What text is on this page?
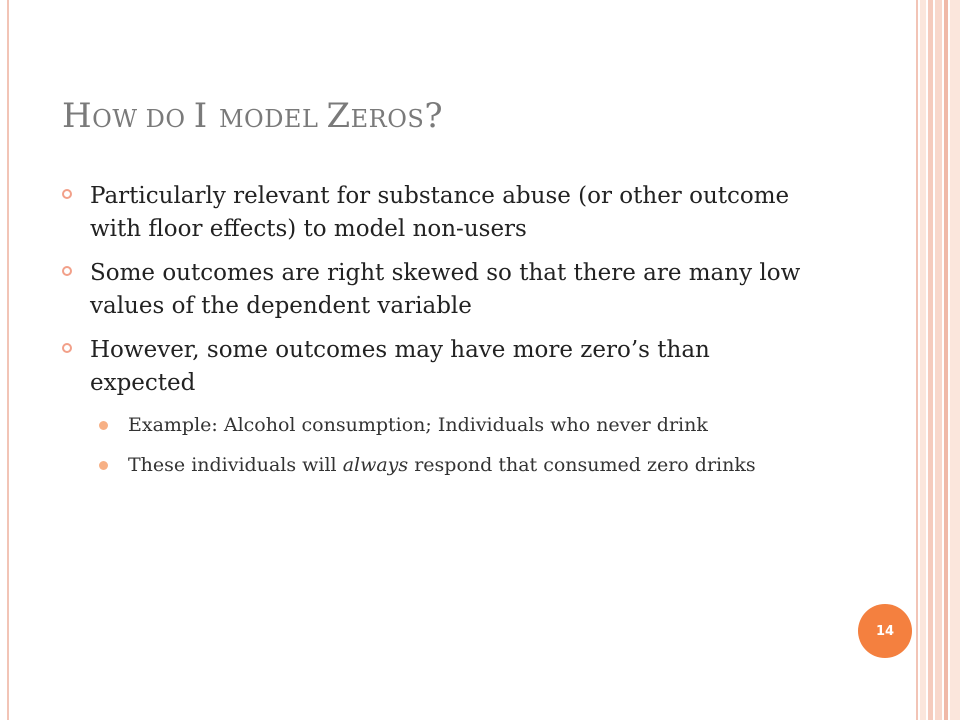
HOW DO I MODEL ZEROS?
Particularly relevant for substance abuse (or other outcome with floor effects) to model non-users
Some outcomes are right skewed so that there are many low values of the dependent variable
However, some outcomes may have more zero’s than expected
Example: Alcohol consumption; Individuals who never drink
These individuals will always respond that consumed zero drinks
14
